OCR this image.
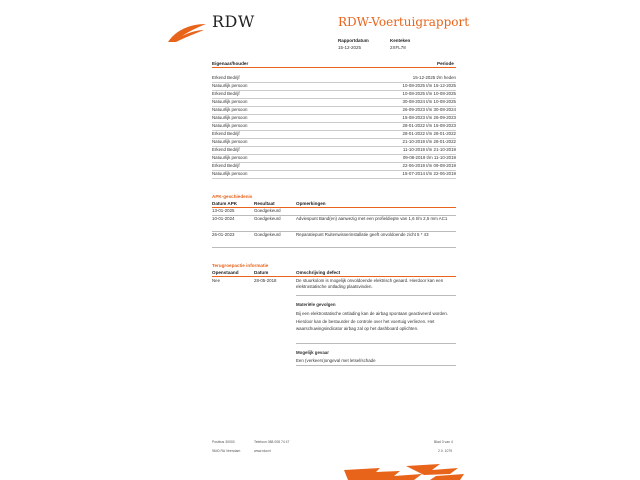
RDW	RDW-Voertuigrapport
Rapportdatum
15-12-2025
Kenteken
2XFL78
Eigenaar/houder	Periode
Erkend Bedrijf	15-12-2025 t/m heden
Natuurlijk persoon	10-08-2025 t/m 15-12-2025
Erkend Bedrijf	10-08-2025 t/m 10-08-2025
Natuurlijk persoon	30-08-2024 t/m 10-08-2025
Natuurlijk persoon	26-09-2023 t/m 30-08-2024
Natuurlijk persoon	15-08-2023 t/m 26-09-2023
Natuurlijk persoon	28-01-2022 t/m 15-08-2023
Erkend Bedrijf	28-01-2022 t/m 28-01-2022
Natuurlijk persoon	21-10-2019 t/m 28-01-2022
Erkend Bedrijf	11-10-2019 t/m 21-10-2019
Natuurlijk persoon	09-08-2019 t/m 11-10-2019
Erkend Bedrijf	22-06-2019 t/m 09-08-2019
Natuurlijk persoon	15-07-2014 t/m 22-06-2019
APK-geschiedenis
Datum APK	Resultaat	Opmerkingen
13-01-2025	Goedgekeurd
10-01-2024	Goedgekeurd	Adviespunt Band(en) aanwezig met een profieldiepte van 1,6 t/m 2,5 mm AC1
26-01-2023	Goedgekeurd	Reparatiepunt Ruitenwisserinstallatie geeft onvoldoende zicht 5 * 43
Terugroepactie informatie
Openstaand	Datum	Omschrijving defect
Nee	28-05-2018	De stuurkolom is mogelijk onvoldoende elektrisch geaard. Hierdoor kan een elektrostatische ontlading plaatsvinden.
Materiële gevolgen
Bij een elektrostatische ontlading kan de airbag spontaan geactiveerd worden. Hierdoor kan de bestuurder de controle over het voertuig verliezen. Het waarschuwingsindicator airbag zal op het dashboard oplichten.
Mogelijk gevaar
Een (verkeers)ongeval met letsel/schade
Postbus 30000
9640 RA Veendam
Telefoon 088 008 74 47
www.rdw.nl
Blad 3 van 4
2.0. 1079
